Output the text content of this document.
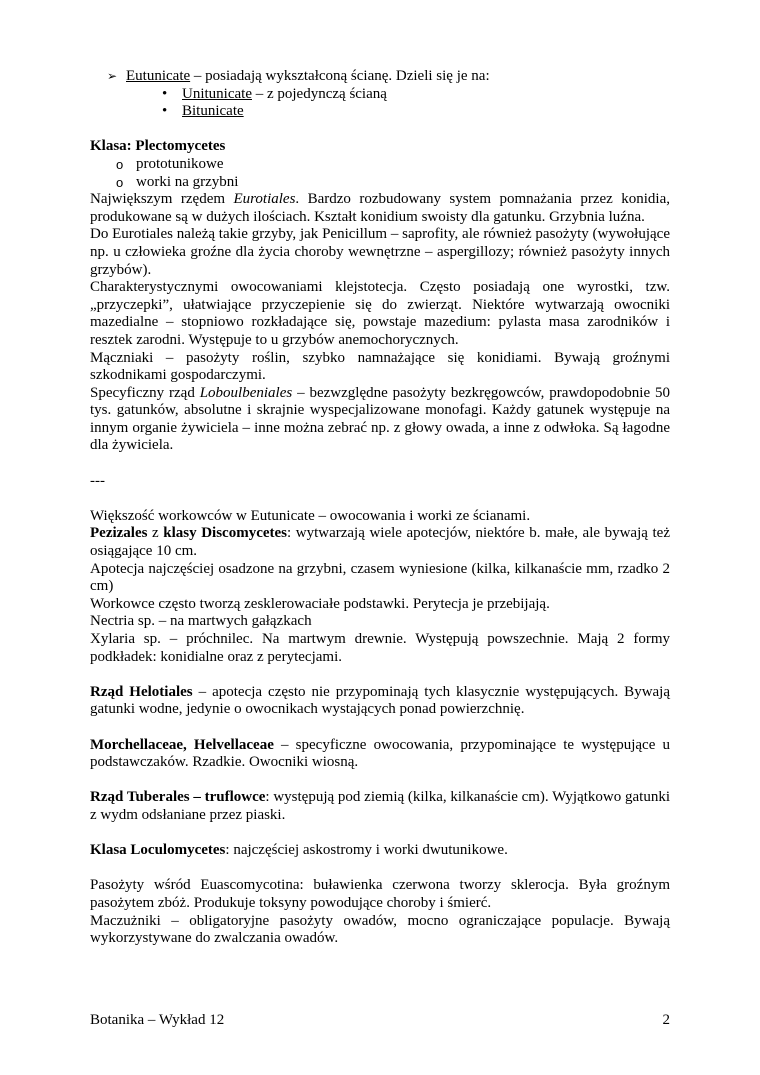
➢ Eutunicate – posiadają wykształconą ścianę. Dzieli się je na:

• Unitunicate – z pojedynczą ścianą

• Bitunicate

Klasa: Plectomycetes

o prototunikowe

o worki na grzybni

Największym rzędem Eurotiales. Bardzo rozbudowany system pomnażania przez konidia, produkowane są w dużych ilościach. Kształt konidium swoisty dla gatunku. Grzybnia luźna.

Do Eurotiales należą takie grzyby, jak Penicillum – saprofity, ale również pasożyty (wywołujące np. u człowieka groźne dla życia choroby wewnętrzne – aspergillozy; również pasożyty innych grzybów).

Charakterystycznymi owocowaniami klejstotecja. Często posiadają one wyrostki, tzw. „przyczepki”, ułatwiające przyczepienie się do zwierząt. Niektóre wytwarzają owocniki mazedialne – stopniowo rozkładające się, powstaje mazedium: pylasta masa zarodników i resztek zarodni. Występuje to u grzybów anemochorycznych.

Mączniaki – pasożyty roślin, szybko namnażające się konidiami. Bywają groźnymi szkodnikami gospodarczymi.

Specyficzny rząd Loboulbeniales – bezwzględne pasożyty bezkręgowców, prawdopodobnie 50 tys. gatunków, absolutne i skrajnie wyspecjalizowane monofagi. Każdy gatunek występuje na innym organie żywiciela – inne można zebrać np. z głowy owada, a inne z odwłoka. Są łagodne dla żywiciela.

---

Większość workowców w Eutunicate – owocowania i worki ze ścianami.

Pezizales z klasy Discomycetes: wytwarzają wiele apotecjów, niektóre b. małe, ale bywają też osiągające 10 cm.

Apotecja najczęściej osadzone na grzybni, czasem wyniesione (kilka, kilkanaście mm, rzadko 2 cm)

Workowce często tworzą zesklerowaciałe podstawki. Perytecja je przebijają.

Nectria sp. – na martwych gałązkach

Xylaria sp. – próchnilec. Na martwym drewnie. Występują powszechnie. Mają 2 formy podkładek: konidialne oraz z perytecjami.

Rząd Helotiales – apotecja często nie przypominają tych klasycznie występujących. Bywają gatunki wodne, jedynie o owocnikach wystających ponad powierzchnię.

Morchellaceae, Helvellaceae – specyficzne owocowania, przypominające te występujące u podstawczaków. Rzadkie. Owocniki wiosną.

Rząd Tuberales – truflowce: występują pod ziemią (kilka, kilkanaście cm). Wyjątkowo gatunki z wydm odsłaniane przez piaski.

Klasa Loculomycetes: najczęściej askostromy i worki dwutunikowe.

Pasożyty wśród Euascomycotina: buławienka czerwona tworzy sklerocja. Była groźnym pasożytem zbóż. Produkuje toksyny powodujące choroby i śmierć.

Maczużniki – obligatoryjne pasożyty owadów, mocno ograniczające populacje. Bywają wykorzystywane do zwalczania owadów.

Botanika – Wykład 12	2
